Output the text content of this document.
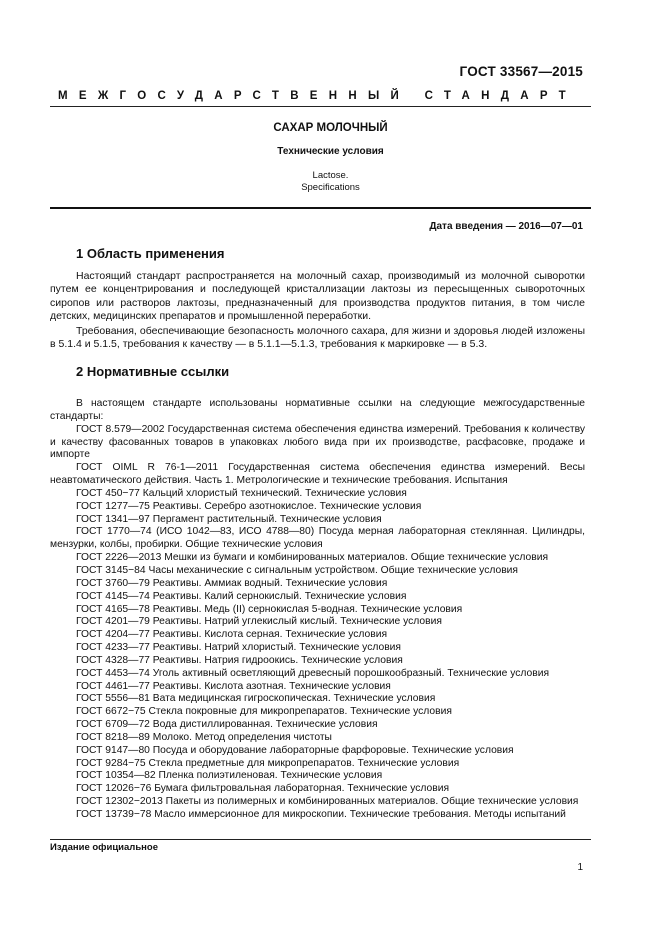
ГОСТ 33567—2015
МЕЖГОСУДАРСТВЕННЫЙ СТАНДАРТ
САХАР МОЛОЧНЫЙ
Технические условия
Lactose.
Specifications
Дата введения — 2016—07—01
1 Область применения

Настоящий стандарт распространяется на молочный сахар, производимый из молочной сыворотки путем ее концентрирования и последующей кристаллизации лактозы из пересыщенных сывороточных сиропов или растворов лактозы, предназначенный для производства продуктов питания, в том числе детских, медицинских препаратов и промышленной переработки.

Требования, обеспечивающие безопасность молочного сахара, для жизни и здоровья людей изложены в 5.1.4 и 5.1.5, требования к качеству — в 5.1.1—5.1.3, требования к маркировке — в 5.3.

2 Нормативные ссылки
В настоящем стандарте использованы нормативные ссылки на следующие межгосударственные стандарты:
ГОСТ 8.579—2002 Государственная система обеспечения единства измерений. Требования к количеству и качеству фасованных товаров в упаковках любого вида при их производстве, расфасовке, продаже и импорте
ГОСТ OIML R 76-1—2011 Государственная система обеспечения единства измерений. Весы неавтоматического действия. Часть 1. Метрологические и технические требования. Испытания
ГОСТ 450−77 Кальций хлористый технический. Технические условия
ГОСТ 1277—75 Реактивы. Серебро азотнокислое. Технические условия
ГОСТ 1341—97 Пергамент растительный. Технические условия
ГОСТ 1770—74 (ИСО 1042—83, ИСО 4788—80) Посуда мерная лабораторная стеклянная. Цилиндры, мензурки, колбы, пробирки. Общие технические условия
ГОСТ 2226—2013 Мешки из бумаги и комбинированных материалов. Общие технические условия
ГОСТ 3145−84 Часы механические с сигнальным устройством. Общие технические условия
ГОСТ 3760—79 Реактивы. Аммиак водный. Технические условия
ГОСТ 4145—74 Реактивы. Калий сернокислый. Технические условия
ГОСТ 4165—78 Реактивы. Медь (II) сернокислая 5-водная. Технические условия
ГОСТ 4201—79 Реактивы. Натрий углекислый кислый. Технические условия
ГОСТ 4204—77 Реактивы. Кислота серная. Технические условия
ГОСТ 4233—77 Реактивы. Натрий хлористый. Технические условия
ГОСТ 4328—77 Реактивы. Натрия гидроокись. Технические условия
ГОСТ 4453—74 Уголь активный осветляющий древесный порошкообразный. Технические условия
ГОСТ 4461—77 Реактивы. Кислота азотная. Технические условия
ГОСТ 5556—81 Вата медицинская гигроскопическая. Технические условия
ГОСТ 6672−75 Стекла покровные для микропрепаратов. Технические условия
ГОСТ 6709—72 Вода дистиллированная. Технические условия
ГОСТ 8218—89 Молоко. Метод определения чистоты
ГОСТ 9147—80 Посуда и оборудование лабораторные фарфоровые. Технические условия
ГОСТ 9284−75 Стекла предметные для микропрепаратов. Технические условия
ГОСТ 10354—82 Пленка полиэтиленовая. Технические условия
ГОСТ 12026−76 Бумага фильтровальная лабораторная. Технические условия
ГОСТ 12302−2013 Пакеты из полимерных и комбинированных материалов. Общие технические условия
ГОСТ 13739−78 Масло иммерсионное для микроскопии. Технические требования. Методы испытаний
Издание официальное
1
